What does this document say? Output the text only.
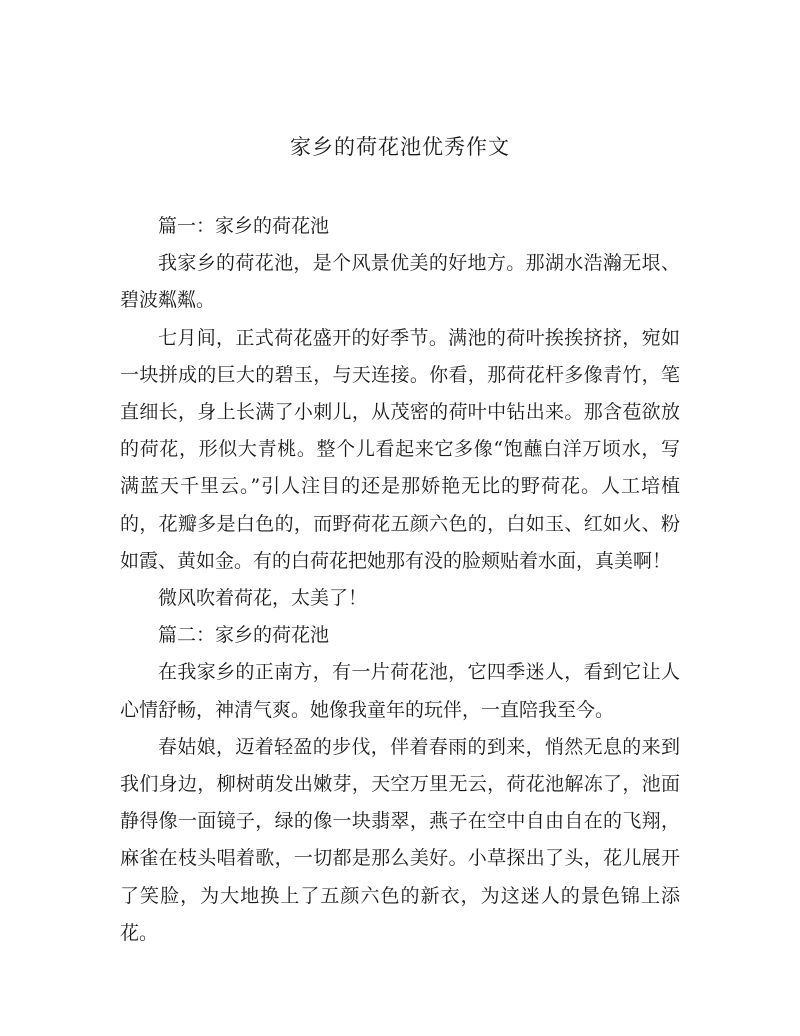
家乡的荷花池优秀作文

篇一：家乡的荷花池

我家乡的荷花池，是个风景优美的好地方。那湖水浩瀚无垠、碧波粼粼。

七月间，正式荷花盛开的好季节。满池的荷叶挨挨挤挤，宛如一块拼成的巨大的碧玉，与天连接。你看，那荷花杆多像青竹，笔直细长，身上长满了小刺儿，从茂密的荷叶中钻出来。那含苞欲放的荷花，形似大青桃。整个儿看起来它多像“饱蘸白洋万顷水，写满蓝天千里云。”引人注目的还是那娇艳无比的野荷花。人工培植的，花瓣多是白色的，而野荷花五颜六色的，白如玉、红如火、粉如霞、黄如金。有的白荷花把她那有没的脸颊贴着水面，真美啊！

微风吹着荷花，太美了！

篇二：家乡的荷花池

在我家乡的正南方，有一片荷花池，它四季迷人，看到它让人心情舒畅，神清气爽。她像我童年的玩伴，一直陪我至今。

春姑娘，迈着轻盈的步伐，伴着春雨的到来，悄然无息的来到我们身边，柳树萌发出嫩芽，天空万里无云，荷花池解冻了，池面静得像一面镜子，绿的像一块翡翠，燕子在空中自由自在的飞翔，麻雀在枝头唱着歌，一切都是那么美好。小草探出了头，花儿展开了笑脸，为大地换上了五颜六色的新衣，为这迷人的景色锦上添花。
